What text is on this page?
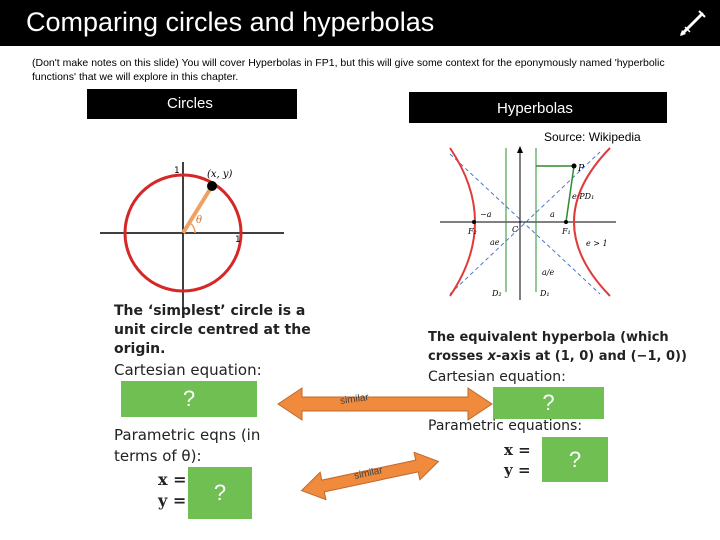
Comparing circles and hyperbolas
(Don't make notes on this slide) You will cover Hyperbolas in FP1, but this will give some context for the eponymously named 'hyperbolic functions' that we will explore in this chapter.
Circles	Hyperbolas
Source: Wikipedia
(x, y)
θ
1
1
P
e·PD₁
−a	a
F₂	C	F₁
ae	e > 1
a/e
D₂	D₁
The ‘simplest’ circle is a
unit circle centred at the
origin.
Cartesian equation:
?
Parametric eqns (in
terms of θ):
x =
y =	?
The equivalent hyperbola (which
crosses x-axis at (1, 0) and (−1, 0))
Cartesian equation:
?
Parametric equations:
x =
y =	?
similar
similar
